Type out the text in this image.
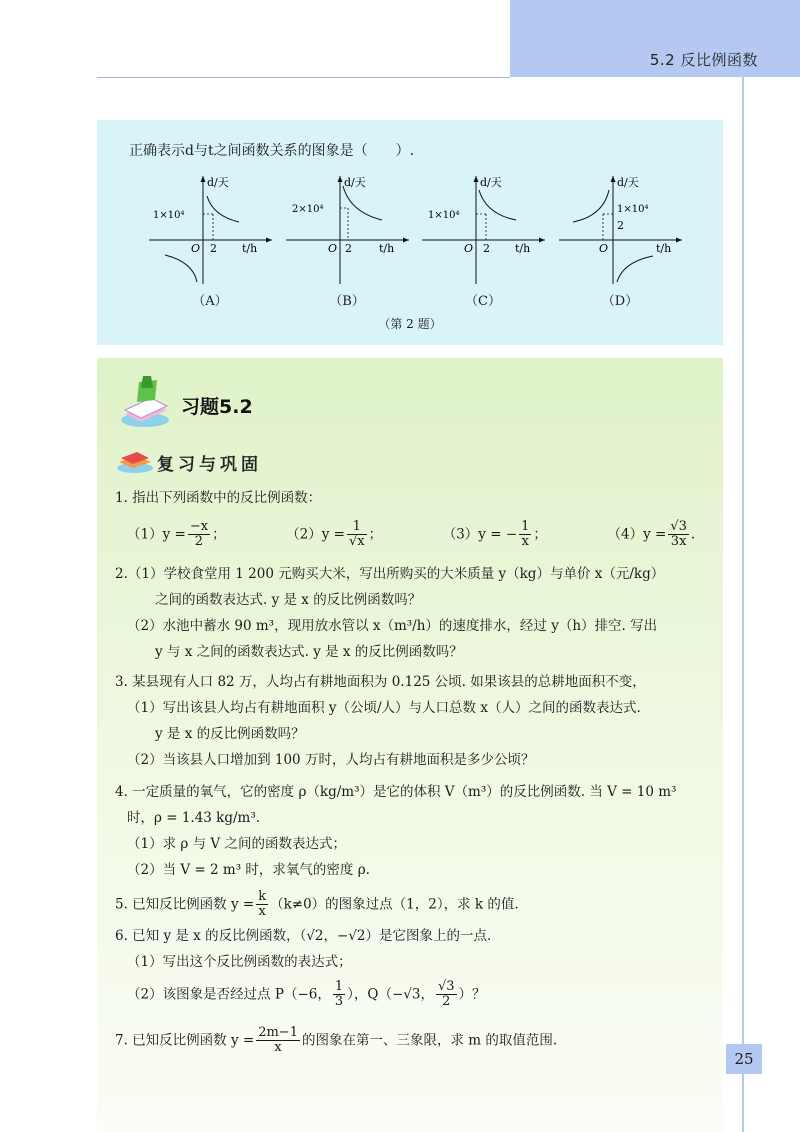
5.2 反比例函数
正确表示d与t之间函数关系的图象是（　　）.
d/天
1×10⁴
O 2 t/h
（A）
d/天
2×10⁴
O 2 t/h
（B）
d/天
1×10⁴
O 2 t/h
（C）
d/天
1×10⁴
2
O	t/h
（D）
（第 2 题）
习题5.2
复习与巩固
1. 指出下列函数中的反比例函数：
$(1)y = \frac{-x}{2}$ ；	$(2)y = \frac{1}{√x}$ ；	（3）y = − $\frac{1}{x}$ ；	$(4)y = \frac{√3}{3x}$ .
2.（1）学校食堂用 1 200 元购买大米，写出所购买的大米质量 y（kg）与单价 x（元/kg）
之间的函数表达式. y 是 x 的反比例函数吗？
（2）水池中蓄水 90 m³，现用放水管以 x（m³/h）的速度排水，经过 y（h）排空. 写出
y 与 x 之间的函数表达式. y 是 x 的反比例函数吗？
3. 某县现有人口 82 万，人均占有耕地面积为 0.125 公顷. 如果该县的总耕地面积不变，
（1）写出该县人均占有耕地面积 y（公顷/人）与人口总数 x（人）之间的函数表达式.
y 是 x 的反比例函数吗？
（2）当该县人口增加到 100 万时，人均占有耕地面积是多少公顷？
4. 一定质量的氧气，它的密度 ρ（kg/m³）是它的体积 V（m³）的反比例函数. 当 V = 10 m³
时，ρ = 1.43 kg/m³.
（1）求 ρ 与 V 之间的函数表达式；
（2）当 V = 2 m³ 时，求氧气的密度 ρ.
5. 已知反比例函数 $y = \frac{k}{x} (k\ne 0)$的图象过点（1，2），求 k 的值.
6. 已知 y 是 x 的反比例函数，（√2，−√2）是它图象上的一点.
（1）写出这个反比例函数的表达式；
（2）该图象是否经过点 P（−6， $\frac{1}{3}$ ），Q（−√3， $\frac{√3}{2}$ ）？
7. 已知反比例函数 $y = \frac{2m-1}{x}$ 的图象在第一、三象限，求 m 的取值范围.
25
